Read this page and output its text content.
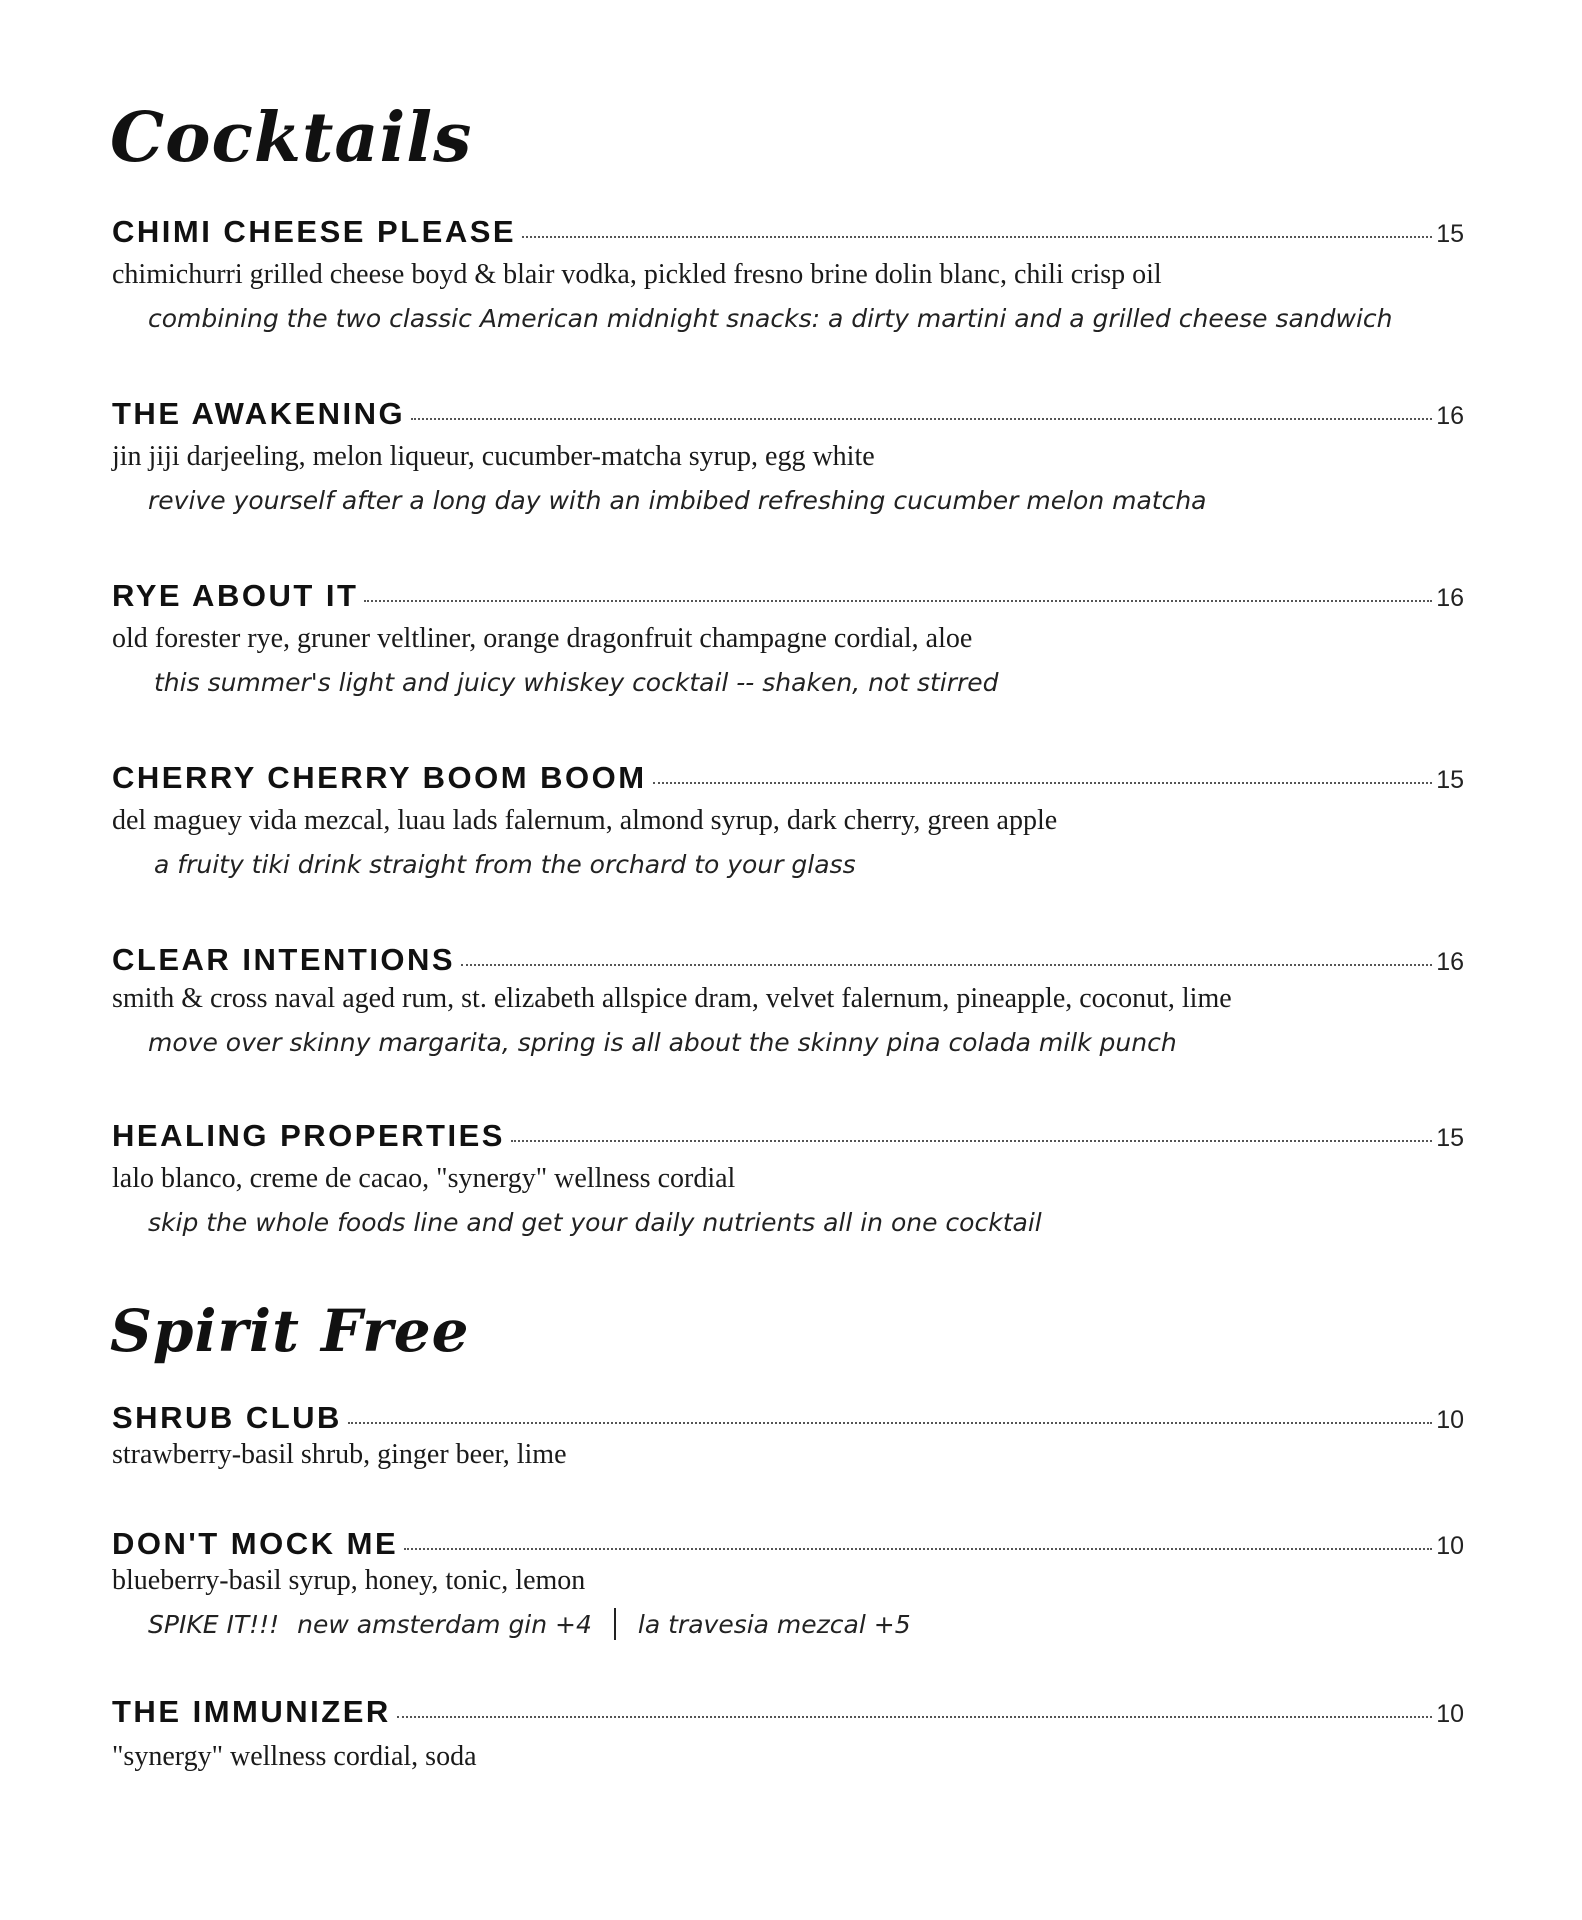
Cocktails
CHIMI CHEESE PLEASE	15
chimichurri grilled cheese boyd & blair vodka, pickled fresno brine dolin blanc, chili crisp oil
combining the two classic American midnight snacks: a dirty martini and a grilled cheese sandwich
THE AWAKENING	16
jin jiji darjeeling, melon liqueur, cucumber-matcha syrup, egg white
revive yourself after a long day with an imbibed refreshing cucumber melon matcha
RYE ABOUT IT	16
old forester rye, gruner veltliner, orange dragonfruit champagne cordial, aloe
this summer's light and juicy whiskey cocktail -- shaken, not stirred
CHERRY CHERRY BOOM BOOM	15
del maguey vida mezcal, luau lads falernum, almond syrup, dark cherry, green apple
a fruity tiki drink straight from the orchard to your glass
CLEAR INTENTIONS	16
smith & cross naval aged rum, st. elizabeth allspice dram, velvet falernum, pineapple, coconut, lime
move over skinny margarita, spring is all about the skinny pina colada milk punch
HEALING PROPERTIES	15
lalo blanco, creme de cacao, "synergy" wellness cordial
skip the whole foods line and get your daily nutrients all in one cocktail
Spirit Free
SHRUB CLUB	10
strawberry-basil shrub, ginger beer, lime
DON'T MOCK ME	10
blueberry-basil syrup, honey, tonic, lemon
SPIKE IT!!! new amsterdam gin +4 la travesia mezcal +5
THE IMMUNIZER	10
"synergy" wellness cordial, soda
